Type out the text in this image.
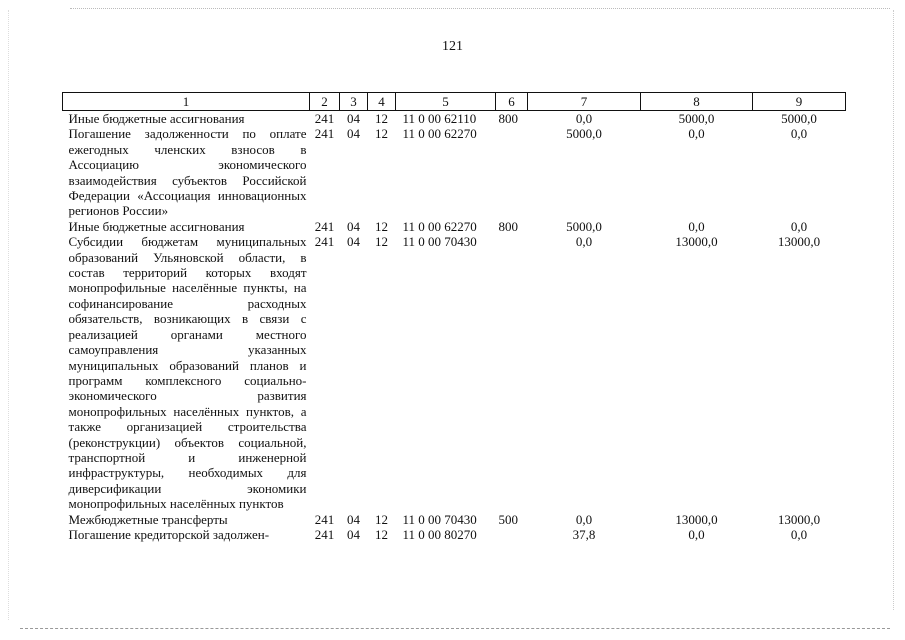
121
1	2	3	4	5	6	7	8	9
Иные бюджетные ассигнования	241	04	12	11 0 00 62110	800	0,0	5000,0	5000,0
Погашение задолженности по оплате ежегодных членских взносов в Ассоциацию экономического взаимодействия субъектов Российской Федерации «Ассоциация инновационных регионов России»	241	04	12	11 0 00 62270		5000,0	0,0	0,0
Иные бюджетные ассигнования	241	04	12	11 0 00 62270	800	5000,0	0,0	0,0
Субсидии бюджетам муниципальных образований Ульяновской области, в состав территорий которых входят монопрофильные населённые пункты, на софинансирование расходных обязательств, возникающих в связи с реализацией органами местного самоуправления указанных муниципальных образований планов и программ комплексного социально-экономического развития монопрофильных населённых пунктов, а также организацией строительства (реконструкции) объектов социальной, транспортной и инженерной инфраструктуры, необходимых для диверсификации экономики монопрофильных населённых пунктов	241	04	12	11 0 00 70430		0,0	13000,0	13000,0
Межбюджетные трансферты	241	04	12	11 0 00 70430	500	0,0	13000,0	13000,0
Погашение кредиторской задолжен-	241	04	12	11 0 00 80270		37,8	0,0	0,0
